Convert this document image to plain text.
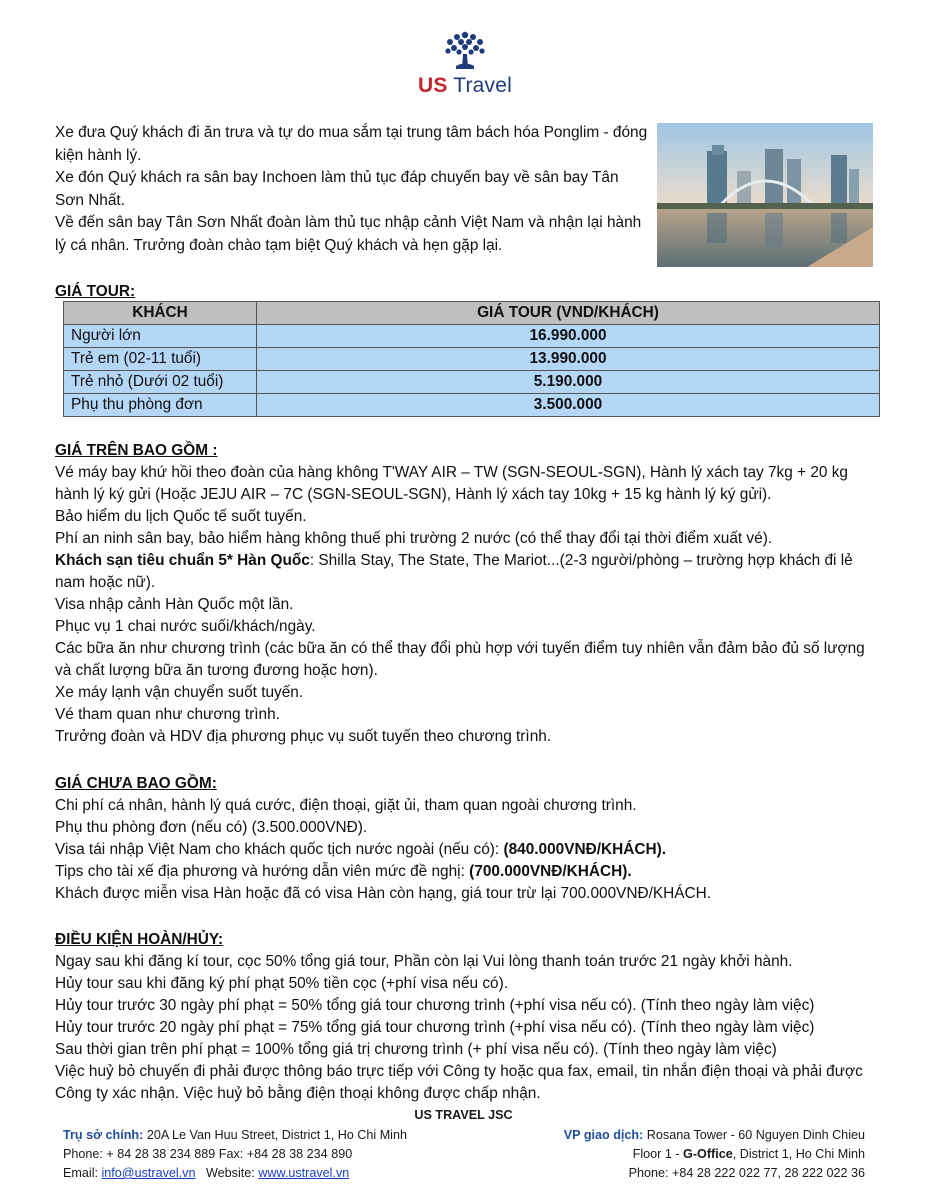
US Travel

Xe đưa Quý khách đi ăn trưa và tự do mua sắm tại trung tâm bách hóa Ponglim - đóng kiện hành lý.

Xe đón Quý khách ra sân bay Inchoen làm thủ tục đáp chuyến bay về sân bay Tân Sơn Nhất.

Về đến sân bay Tân Sơn Nhất đoàn làm thủ tục nhập cảnh Việt Nam và nhận lại hành lý cá nhân. Trưởng đoàn chào tạm biệt Quý khách và hẹn gặp lại.

GIÁ TOUR:
KHÁCH	GIÁ TOUR (VND/KHÁCH)
Người lớn	16.990.000
Trẻ em (02-11 tuổi)	13.990.000
Trẻ nhỏ (Dưới 02 tuổi)	5.190.000
Phụ thu phòng đơn	3.500.000
GIÁ TRÊN BAO GỒM :

Vé máy bay khứ hồi theo đoàn của hàng không T'WAY AIR – TW (SGN-SEOUL-SGN), Hành lý xách tay 7kg + 20 kg hành lý ký gửi (Hoặc JEJU AIR – 7C (SGN-SEOUL-SGN), Hành lý xách tay 10kg + 15 kg hành lý ký gửi).

Bảo hiểm du lịch Quốc tế suốt tuyến.

Phí an ninh sân bay, bảo hiểm hàng không thuế phi trường 2 nước (có thể thay đổi tại thời điểm xuất vé).

Khách sạn tiêu chuẩn 5* Hàn Quốc: Shilla Stay, The State, The Mariot...(2-3 người/phòng – trường hợp khách đi lẻ nam hoặc nữ).

Visa nhập cảnh Hàn Quốc một lần.

Phục vụ 1 chai nước suối/khách/ngày.

Các bữa ăn như chương trình (các bữa ăn có thể thay đổi phù hợp với tuyến điểm tuy nhiên vẫn đảm bảo đủ số lượng và chất lượng bữa ăn tương đương hoặc hơn).

Xe máy lạnh vận chuyển suốt tuyến.

Vé tham quan như chương trình.

Trưởng đoàn và HDV địa phương phục vụ suốt tuyến theo chương trình.

GIÁ CHƯA BAO GỒM:

Chi phí cá nhân, hành lý quá cước, điện thoại, giặt ủi, tham quan ngoài chương trình.

Phụ thu phòng đơn (nếu có) (3.500.000VNĐ).

Visa tái nhập Việt Nam cho khách quốc tịch nước ngoài (nếu có): (840.000VNĐ/KHÁCH).

Tips cho tài xế địa phương và hướng dẫn viên mức đề nghị: (700.000VNĐ/KHÁCH).

Khách được miễn visa Hàn hoặc đã có visa Hàn còn hạng, giá tour trừ lại 700.000VNĐ/KHÁCH.

ĐIỀU KIỆN HOÀN/HỦY:

Ngay sau khi đăng kí tour, cọc 50% tổng giá tour, Phần còn lại Vui lòng thanh toán trước 21 ngày khởi hành.

Hủy tour sau khi đăng ký phí phạt 50% tiền cọc (+phí visa nếu có).

Hủy tour trước 30 ngày phí phạt = 50% tổng giá tour chương trình (+phí visa nếu có). (Tính theo ngày làm việc)

Hủy tour trước 20 ngày phí phạt = 75% tổng giá tour chương trình (+phí visa nếu có). (Tính theo ngày làm việc)

Sau thời gian trên phí phạt = 100% tổng giá trị chương trình (+ phí visa nếu có). (Tính theo ngày làm việc)

Việc huỷ bỏ chuyến đi phải được thông báo trực tiếp với Công ty hoặc qua fax, email, tin nhắn điện thoại và phải được Công ty xác nhận. Việc huỷ bỏ bằng điện thoại không được chấp nhận.

US TRAVEL JSC
Trụ sở chính: 20A Le Van Huu Street, District 1, Ho Chi Minh
Phone: + 84 28 38 234 889 Fax: +84 28 38 234 890
Email: info@ustravel.vn   Website: www.ustravel.vn
VP giao dịch: Rosana Tower - 60 Nguyen Dinh Chieu
Floor 1 - G-Office, District 1, Ho Chi Minh
Phone: +84 28 222 022 77, 28 222 022 36
